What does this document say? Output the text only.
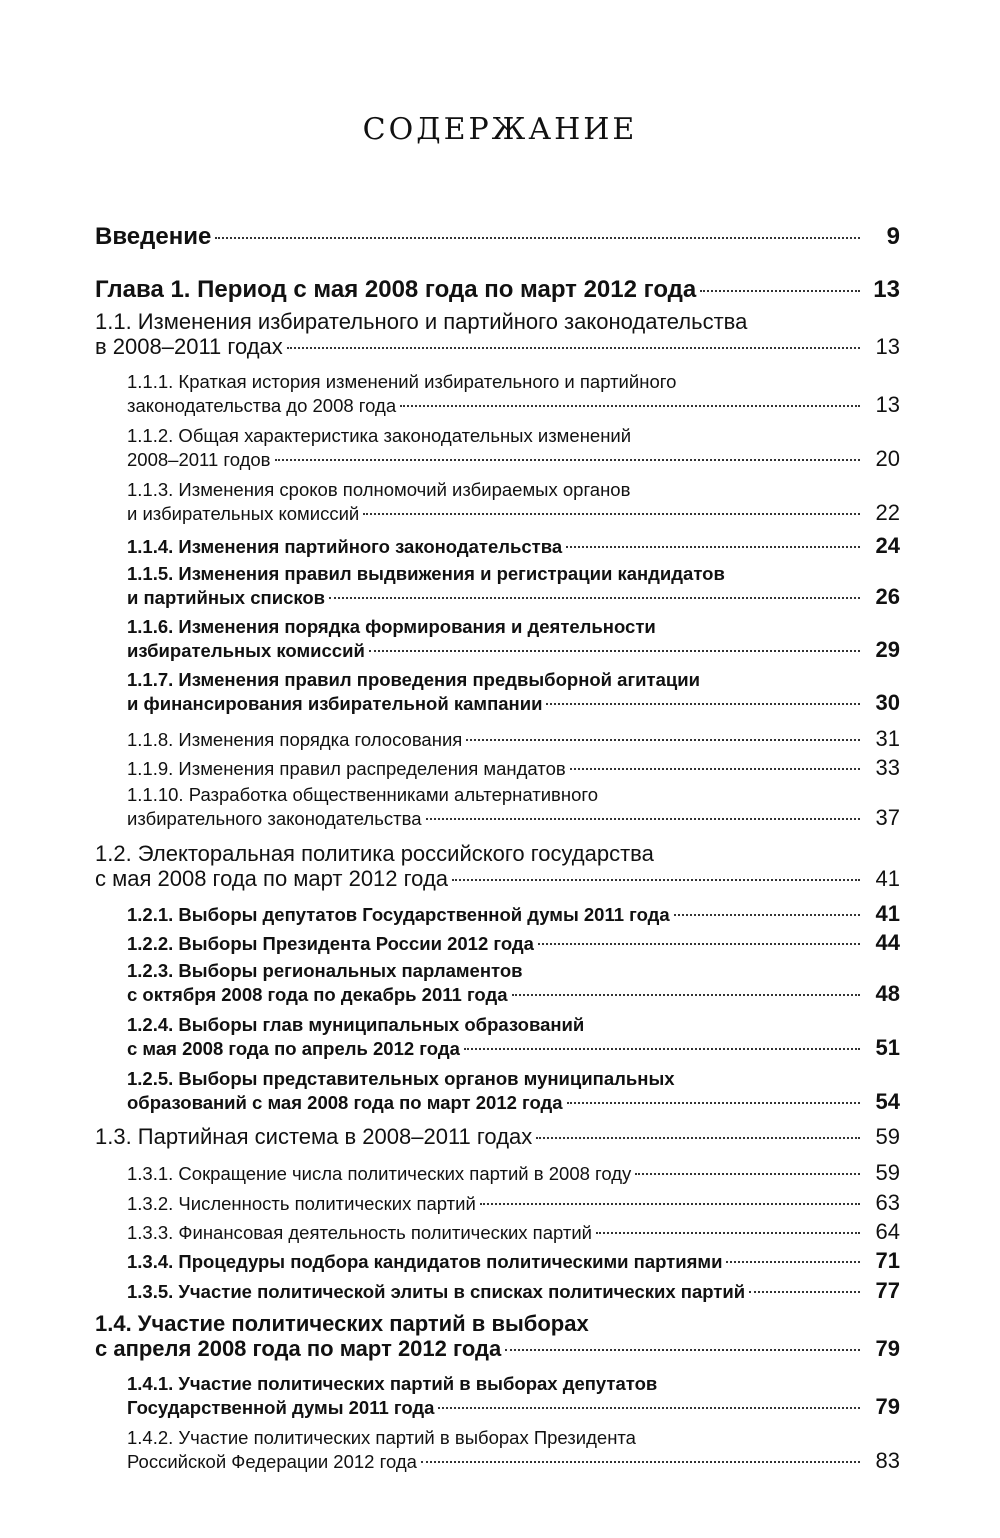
СОДЕРЖАНИЕ
Введение	9
Глава 1. Период с мая 2008 года по март 2012 года	13
1.1. Изменения избирательного и партийного законодательства
в 2008–2011 годах	13
1.1.1. Краткая история изменений избирательного и партийного
законодательства до 2008 года	13
1.1.2. Общая характеристика законодательных изменений
2008–2011 годов	20
1.1.3. Изменения сроков полномочий избираемых органов
и избирательных комиссий	22
1.1.4. Изменения партийного законодательства	24
1.1.5. Изменения правил выдвижения и регистрации кандидатов
и партийных списков	26
1.1.6. Изменения порядка формирования и деятельности
избирательных комиссий	29
1.1.7. Изменения правил проведения предвыборной агитации
и финансирования избирательной кампании	30
1.1.8. Изменения порядка голосования	31
1.1.9. Изменения правил распределения мандатов	33
1.1.10. Разработка общественниками альтернативного
избирательного законодательства	37
1.2. Электоральная политика российского государства
с мая 2008 года по март 2012 года	41
1.2.1. Выборы депутатов Государственной думы 2011 года	41
1.2.2. Выборы Президента России 2012 года	44
1.2.3. Выборы региональных парламентов
с октября 2008 года по декабрь 2011 года	48
1.2.4. Выборы глав муниципальных образований
с мая 2008 года по апрель 2012 года	51
1.2.5. Выборы представительных органов муниципальных
образований с мая 2008 года по март 2012 года	54
1.3. Партийная система в 2008–2011 годах	59
1.3.1. Сокращение числа политических партий в 2008 году	59
1.3.2. Численность политических партий	63
1.3.3. Финансовая деятельность политических партий	64
1.3.4. Процедуры подбора кандидатов политическими партиями	71
1.3.5. Участие политической элиты в списках политических партий	77
1.4. Участие политических партий в выборах
с апреля 2008 года по март 2012 года	79
1.4.1. Участие политических партий в выборах депутатов
Государственной думы 2011 года	79
1.4.2. Участие политических партий в выборах Президента
Российской Федерации 2012 года	83
